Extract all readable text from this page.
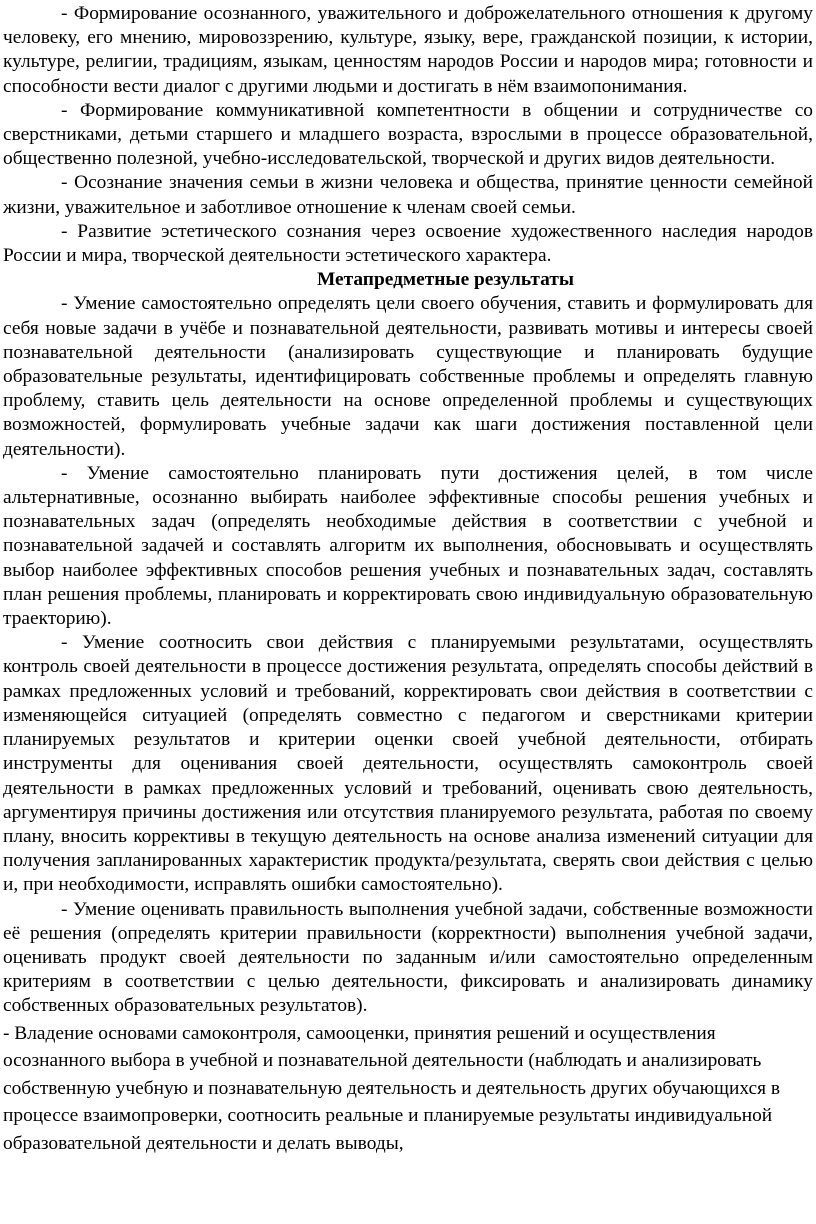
- Формирование осознанного, уважительного и доброжелательного отношения к другому человеку, его мнению, мировоззрению, культуре, языку, вере, гражданской позиции, к истории, культуре, религии, традициям, языкам, ценностям народов России и народов мира; готовности и способности вести диалог с другими людьми и достигать в нём взаимопонимания.

- Формирование коммуникативной компетентности в общении и сотрудничестве со сверстниками, детьми старшего и младшего возраста, взрослыми в процессе образовательной, общественно полезной, учебно-исследовательской, творческой и других видов деятельности.

- Осознание значения семьи в жизни человека и общества, принятие ценности семейной жизни, уважительное и заботливое отношение к членам своей семьи.

- Развитие эстетического сознания через освоение художественного наследия народов России и мира, творческой деятельности эстетического характера.

Метапредметные результаты

- Умение самостоятельно определять цели своего обучения, ставить и формулировать для себя новые задачи в учёбе и познавательной деятельности, развивать мотивы и интересы своей познавательной деятельности (анализировать существующие и планировать будущие образовательные результаты, идентифицировать собственные проблемы и определять главную проблему, ставить цель деятельности на основе определенной проблемы и существующих возможностей, формулировать учебные задачи как шаги достижения поставленной цели деятельности).

- Умение самостоятельно планировать пути достижения целей, в том числе альтернативные, осознанно выбирать наиболее эффективные способы решения учебных и познавательных задач (определять необходимые действия в соответствии с учебной и познавательной задачей и составлять алгоритм их выполнения, обосновывать и осуществлять выбор наиболее эффективных способов решения учебных и познавательных задач, составлять план решения проблемы, планировать и корректировать свою индивидуальную образовательную траекторию).

- Умение соотносить свои действия с планируемыми результатами, осуществлять контроль своей деятельности в процессе достижения результата, определять способы действий в рамках предложенных условий и требований, корректировать свои действия в соответствии с изменяющейся ситуацией (определять совместно с педагогом и сверстниками критерии планируемых результатов и критерии оценки своей учебной деятельности, отбирать инструменты для оценивания своей деятельности, осуществлять самоконтроль своей деятельности в рамках предложенных условий и требований, оценивать свою деятельность, аргументируя причины достижения или отсутствия планируемого результата, работая по своему плану, вносить коррективы в текущую деятельность на основе анализа изменений ситуации для получения запланированных характеристик продукта/результата, сверять свои действия с целью и, при необходимости, исправлять ошибки самостоятельно).

- Умение оценивать правильность выполнения учебной задачи, собственные возможности её решения (определять критерии правильности (корректности) выполнения учебной задачи, оценивать продукт своей деятельности по заданным и/или самостоятельно определенным критериям в соответствии с целью деятельности, фиксировать и анализировать динамику собственных образовательных результатов).

- Владение основами самоконтроля, самооценки, принятия решений и осуществления осознанного выбора в учебной и познавательной деятельности (наблюдать и анализировать собственную учебную и познавательную деятельность и деятельность других обучающихся в процессе взаимопроверки, соотносить реальные и планируемые результаты индивидуальной образовательной деятельности и делать выводы,
